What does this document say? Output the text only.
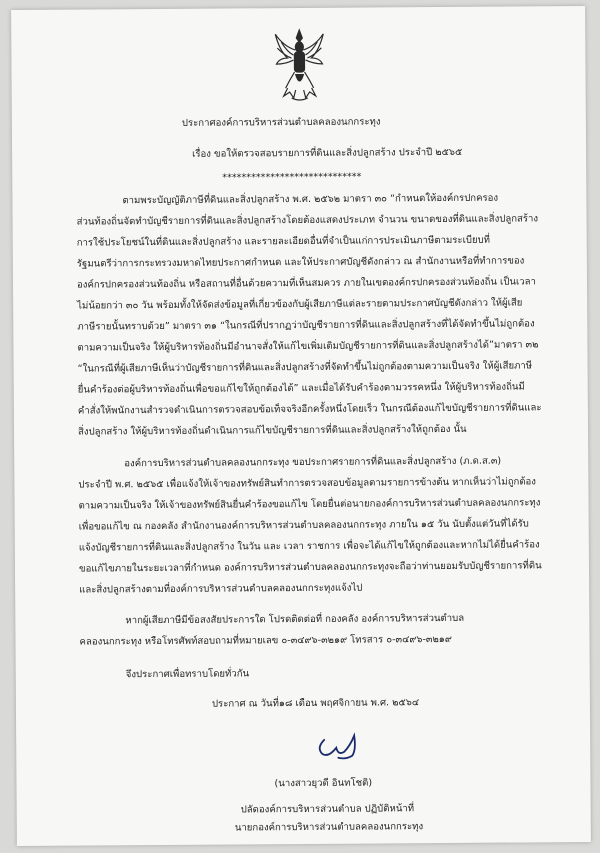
ประกาศองค์การบริหารส่วนตำบลคลองนกกระทุง
เรื่อง ขอให้ตรวจสอบรายการที่ดินและสิ่งปลูกสร้าง ประจำปี ๒๕๖๕
*****************************
ตามพระบัญญัติภาษีที่ดินและสิ่งปลูกสร้าง พ.ศ. ๒๕๖๒ มาตรา ๓๐ “กำหนดให้องค์กรปกครอง
ส่วนท้องถิ่นจัดทำบัญชีรายการที่ดินและสิ่งปลูกสร้างโดยต้องแสดงประเภท จำนวน ขนาดของที่ดินและสิ่งปลูกสร้าง
การใช้ประโยชน์ในที่ดินและสิ่งปลูกสร้าง และรายละเอียดอื่นที่จำเป็นแก่การประเมินภาษีตามระเบียบที่
รัฐมนตรีว่าการกระทรวงมหาดไทยประกาศกำหนด และให้ประกาศบัญชีดังกล่าว ณ สำนักงานหรือที่ทำการของ
องค์กรปกครองส่วนท้องถิ่น หรือสถานที่อื่นด้วยความที่เห็นสมควร ภายในเขตองค์กรปกครองส่วนท้องถิ่น เป็นเวลา
ไม่น้อยกว่า ๓๐ วัน พร้อมทั้งให้จัดส่งข้อมูลที่เกี่ยวข้องกับผู้เสียภาษีแต่ละรายตามประกาศบัญชีดังกล่าว ให้ผู้เสีย
ภาษีรายนั้นทราบด้วย” มาตรา ๓๑ “ในกรณีที่ปรากฏว่าบัญชีรายการที่ดินและสิ่งปลูกสร้างที่ได้จัดทำขึ้นไม่ถูกต้อง
ตามความเป็นจริง ให้ผู้บริหารท้องถิ่นมีอำนาจสั่งให้แก้ไขเพิ่มเติมบัญชีรายการที่ดินและสิ่งปลูกสร้างได้”มาตรา ๓๒
“ในกรณีที่ผู้เสียภาษีเห็นว่าบัญชีรายการที่ดินและสิ่งปลูกสร้างที่จัดทำขึ้นไม่ถูกต้องตามความเป็นจริง ให้ผู้เสียภาษี
ยื่นคำร้องต่อผู้บริหารท้องถิ่นเพื่อขอแก้ไขให้ถูกต้องได้” และเมื่อได้รับคำร้องตามวรรคหนึ่ง ให้ผู้บริหารท้องถิ่นมี
คำสั่งให้พนักงานสำรวจดำเนินการตรวจสอบข้อเท็จจริงอีกครั้งหนึ่งโดยเร็ว ในกรณีต้องแก้ไขบัญชีรายการที่ดินและ
สิ่งปลูกสร้าง ให้ผู้บริหารท้องถิ่นดำเนินการแก้ไขบัญชีรายการที่ดินและสิ่งปลูกสร้างให้ถูกต้อง นั้น
องค์การบริหารส่วนตำบลคลองนกกระทุง ขอประกาศรายการที่ดินและสิ่งปลูกสร้าง (ภ.ด.ส.๓)
ประจำปี พ.ศ. ๒๕๖๕ เพื่อแจ้งให้เจ้าของทรัพย์สินทำการตรวจสอบข้อมูลตามรายการข้างต้น หากเห็นว่าไม่ถูกต้อง
ตามความเป็นจริง ให้เจ้าของทรัพย์สินยื่นคำร้องขอแก้ไข โดยยื่นต่อนายกองค์การบริหารส่วนตำบลคลองนกกระทุง
เพื่อขอแก้ไข ณ กองคลัง สำนักงานองค์การบริหารส่วนตำบลคลองนกกระทุง ภายใน ๑๕ วัน นับตั้งแต่วันที่ได้รับ
แจ้งบัญชีรายการที่ดินและสิ่งปลูกสร้าง ในวัน และ เวลา ราชการ เพื่อจะได้แก้ไขให้ถูกต้องและหากไม่ได้ยื่นคำร้อง
ขอแก้ไขภายในระยะเวลาที่กำหนด องค์การบริหารส่วนตำบลคลองนกกระทุงจะถือว่าท่านยอมรับบัญชีรายการที่ดิน
และสิ่งปลูกสร้างตามที่องค์การบริหารส่วนตำบลคลองนกกระทุงแจ้งไป
หากผู้เสียภาษีมีข้อสงสัยประการใด โปรดติดต่อที่ กองคลัง องค์การบริหารส่วนตำบล
คลองนกกระทุง หรือโทรศัพท์สอบถามที่หมายเลข ๐-๓๔๙๖-๓๒๑๙ โทรสาร ๐-๓๔๙๖-๓๒๑๙
จึงประกาศเพื่อทราบโดยทั่วกัน
ประกาศ ณ วันที่๑๘ เดือน พฤศจิกายน พ.ศ. ๒๕๖๔
(นางสาวยุวดี อินทโชติ)
ปลัดองค์การบริหารส่วนตำบล ปฏิบัติหน้าที่
นายกองค์การบริหารส่วนตำบลคลองนกกระทุง
